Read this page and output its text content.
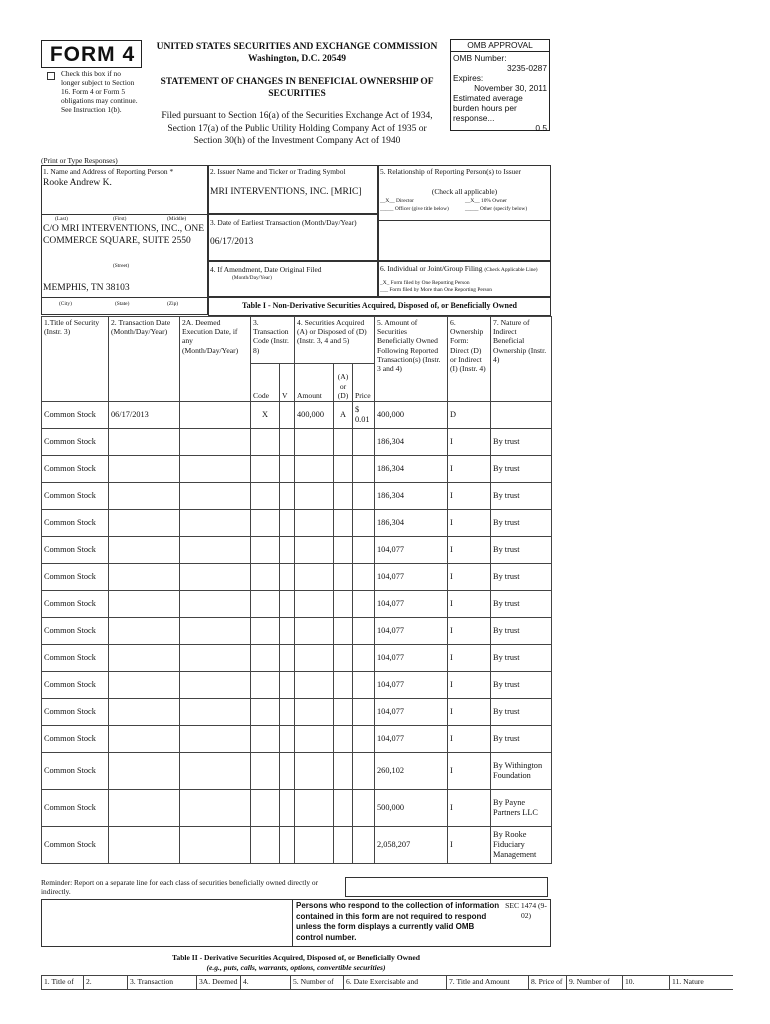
FORM 4
Check this box if no longer subject to Section 16. Form 4 or Form 5 obligations may continue. See Instruction 1(b).
UNITED STATES SECURITIES AND EXCHANGE COMMISSION
Washington, D.C. 20549
STATEMENT OF CHANGES IN BENEFICIAL OWNERSHIP OF
SECURITIES
Filed pursuant to Section 16(a) of the Securities Exchange Act of 1934,
Section 17(a) of the Public Utility Holding Company Act of 1935 or
Section 30(h) of the Investment Company Act of 1940
OMB APPROVAL
OMB Number:
3235-0287
Expires:
November 30, 2011
Estimated average burden hours per response...
0.5
(Print or Type Responses)
1. Name and Address of Reporting Person *
Rooke Andrew K.
(Last)	(First)	(Middle)
C/O MRI INTERVENTIONS, INC., ONE COMMERCE SQUARE, SUITE 2550
(Street)
MEMPHIS, TN 38103
(City)	(State)	(Zip)
2. Issuer Name and Ticker or Trading Symbol
MRI INTERVENTIONS, INC. [MRIC]
3. Date of Earliest Transaction (Month/Day/Year)
06/17/2013
4. If Amendment, Date Original Filed
(Month/Day/Year)
5. Relationship of Reporting Person(s) to Issuer
(Check all applicable)
__X__ Director	__X__ 10% Owner
_____ Officer (give title below)	_____ Other (specify below)
6. Individual or Joint/Group Filing (Check Applicable Line)
_X_ Form filed by One Reporting Person
___ Form filed by More than One Reporting Person
Table I - Non-Derivative Securities Acquired, Disposed of, or Beneficially Owned
1.Title of Security (Instr. 3)	2. Transaction Date (Month/Day/Year)	2A. Deemed Execution Date, if any (Month/Day/Year)	3. Transaction Code (Instr. 8)		4. Securities Acquired (A) or Disposed of (D) (Instr. 3, 4 and 5)			5. Amount of Securities Beneficially Owned Following Reported Transaction(s) (Instr. 3 and 4)	6. Ownership Form: Direct (D) or Indirect (I) (Instr. 4)	7. Nature of Indirect Beneficial Ownership (Instr. 4)
			Code	V	Amount	(A) or (D)	Price			
Common Stock	06/17/2013		X		400,000	A	$ 0.01	400,000	D	
Common Stock								186,304	I	By trust
Common Stock								186,304	I	By trust
Common Stock								186,304	I	By trust
Common Stock								186,304	I	By trust
Common Stock								104,077	I	By trust
Common Stock								104,077	I	By trust
Common Stock								104,077	I	By trust
Common Stock								104,077	I	By trust
Common Stock								104,077	I	By trust
Common Stock								104,077	I	By trust
Common Stock								104,077	I	By trust
Common Stock								104,077	I	By trust
Common Stock								260,102	I	By Withington Foundation
Common Stock								500,000	I	By Payne Partners LLC
Common Stock								2,058,207	I	By Rooke Fiduciary Management
Reminder: Report on a separate line for each class of securities beneficially owned directly or indirectly.
Persons who respond to the collection of information contained in this form are not required to respond unless the form displays a currently valid OMB control number.
SEC 1474 (9-02)
Table II - Derivative Securities Acquired, Disposed of, or Beneficially Owned
(e.g., puts, calls, warrants, options, convertible securities)
1. Title of	2.	3. Transaction	3A. Deemed	4.	5. Number of	6. Date Exercisable and	7. Title and Amount	8. Price of	9. Number of	10.	11. Nature
